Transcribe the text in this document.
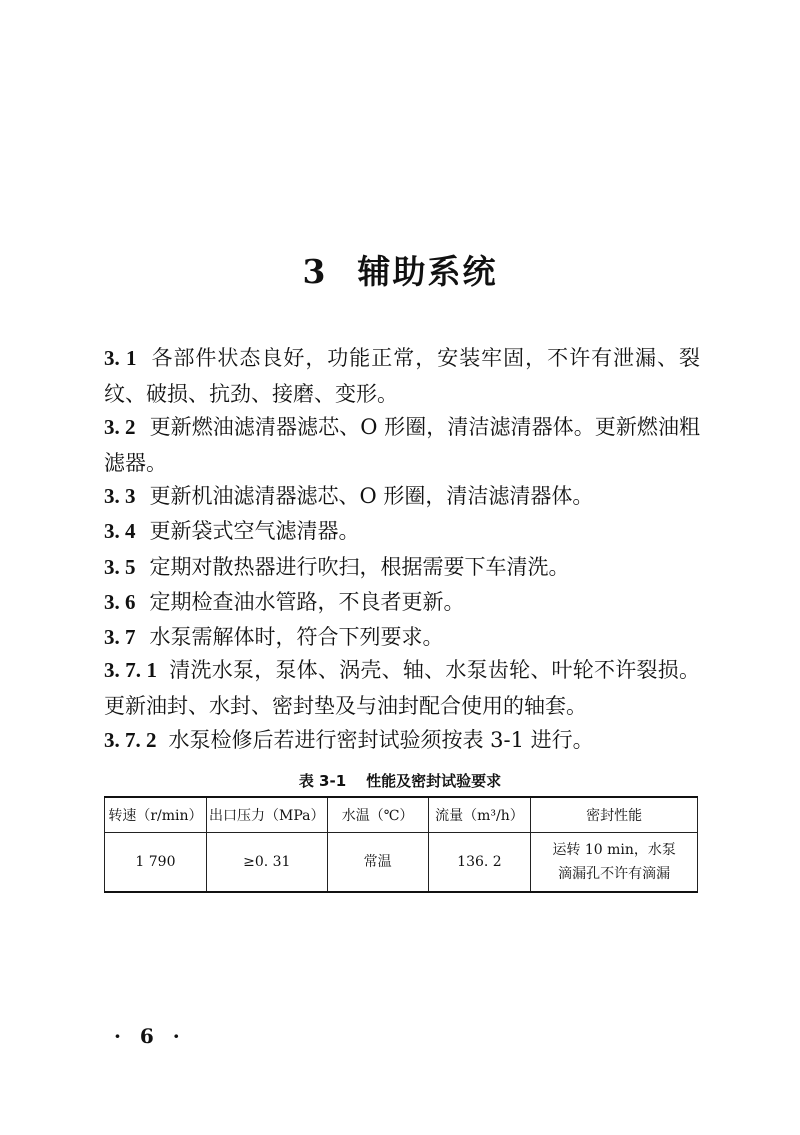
3 辅助系统
3. 1 各部件状态良好，功能正常，安装牢固，不许有泄漏、裂纹、破损、抗劲、接磨、变形。
3. 2 更新燃油滤清器滤芯、O 形圈，清洁滤清器体。更新燃油粗滤器。
3. 3 更新机油滤清器滤芯、O 形圈，清洁滤清器体。
3. 4 更新袋式空气滤清器。
3. 5 定期对散热器进行吹扫，根据需要下车清洗。
3. 6 定期检查油水管路，不良者更新。
3. 7 水泵需解体时，符合下列要求。
3. 7. 1 清洗水泵，泵体、涡壳、轴、水泵齿轮、叶轮不许裂损。更新油封、水封、密封垫及与油封配合使用的轴套。
3. 7. 2 水泵检修后若进行密封试验须按表 3-1 进行。
表 3-1 性能及密封试验要求
转速（r/min）	出口压力（MPa）	水温（℃）	流量（m³/h）	密封性能
1 790	≥0. 31	常温	136. 2	运转 10 min，水泵
滴漏孔不许有滴漏
· 6 ·
